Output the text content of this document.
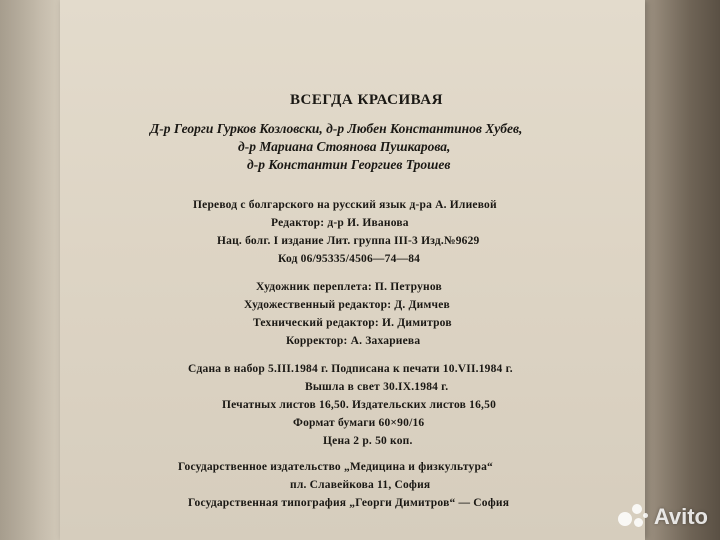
ВСЕГДА КРАСИВАЯ
Д-р Георги Гурков Козловски, д-р Любен Константинов Хубев,
д-р Мариана Стоянова Пушкарова,
д-р Константин Георгиев Трошев
Перевод с болгарского на русский язык д-ра А. Илиевой
Редактор: д-р И. Иванова
Нац. болг. I издание Лит. группа III-3 Изд.№9629
Код 06/95335/4506—74—84
Художник переплета: П. Петрунов
Художественный редактор: Д. Димчев
Технический редактор: И. Димитров
Корректор: А. Захариева
Сдана в набор 5.III.1984 г. Подписана к печати 10.VII.1984 г.
Вышла в свет 30.IX.1984 г.
Печатных листов 16,50. Издательских листов 16,50
Формат бумаги 60×90/16
Цена 2 р. 50 коп.
Государственное издательство „Медицина и физкультура“
пл. Славейкова 11, София
Государственная типография „Георги Димитров“ — София
Avito
